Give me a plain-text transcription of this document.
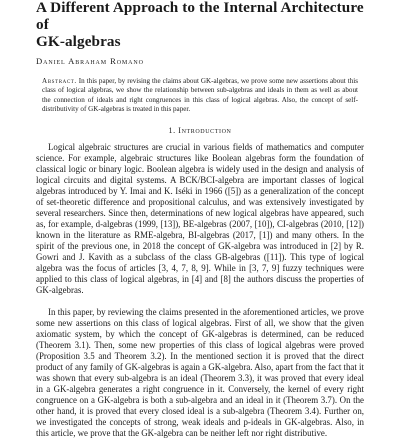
A Different Approach to the Internal Architecture of
GK-algebras
Daniel Abraham Romano
Abstract. In this paper, by revising the claims about GK-algebras, we prove some new assertions about this class of logical algebras, we show the relationship between sub-algebras and ideals in them as well as about the connection of ideals and right congruences in this class of logical algebras. Also, the concept of self-distributivity of GK-algebras is treated in this paper.
1. Introduction

Logical algebraic structures are crucial in various fields of mathematics and computer science. For example, algebraic structures like Boolean algebras form the foundation of classical logic or binary logic. Boolean algebra is widely used in the design and analysis of logical circuits and digital systems. A BCK/BCI-algebra are important classes of logical algebras introduced by Y. Imai and K. Iséki in 1966 ([5]) as a generalization of the concept of set-theoretic difference and propositional calculus, and was extensively investigated by several researchers. Since then, determinations of new logical algebras have appeared, such as, for example, d-algebras (1999, [13]), BE-algebras (2007, [10]), CI-algebras (2010, [12]) known in the literature as RME-algebra, BI-algebras (2017, [1]) and many others. In the spirit of the previous one, in 2018 the concept of GK-algebra was introduced in [2] by R. Gowri and J. Kavith as a subclass of the class GB-algebras ([11]). This type of logical algebra was the focus of articles [3, 4, 7, 8, 9]. While in [3, 7, 9] fuzzy techniques were applied to this class of logical algebras, in [4] and [8] the authors discuss the properties of GK-algebras.

In this paper, by reviewing the claims presented in the aforementioned articles, we prove some new assertions on this class of logical algebras. First of all, we show that the given axiomatic system, by which the concept of GK-algebras is determined, can be reduced (Theorem 3.1). Then, some new properties of this class of logical algebras were proved (Proposition 3.5 and Theorem 3.2). In the mentioned section it is proved that the direct product of any family of GK-algebras is again a GK-algebra. Also, apart from the fact that it was shown that every sub-algebra is an ideal (Theorem 3.3), it was proved that every ideal in a GK-algebra generates a right congruence in it. Conversely, the kernel of every right congruence on a GK-algebra is both a sub-algebra and an ideal in it (Theorem 3.7). On the other hand, it is proved that every closed ideal is a sub-algebra (Theorem 3.4). Further on, we investigated the concepts of strong, weak ideals and p-ideals in GK-algebras. Also, in this article, we prove that the GK-algebra can be neither left nor right distributive.
